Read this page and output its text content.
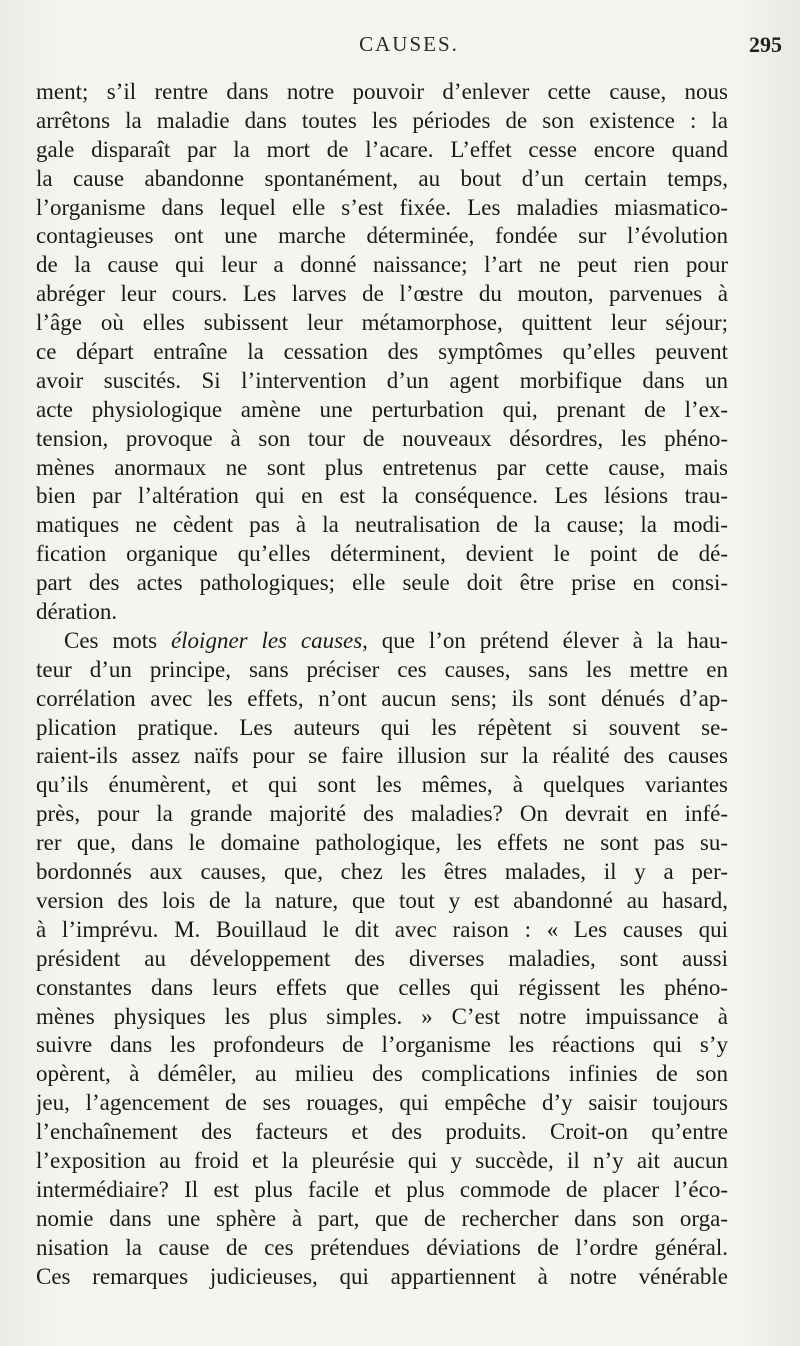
CAUSES.	295
ment; s’il rentre dans notre pouvoir d’enlever cette cause, nous
arrêtons la maladie dans toutes les périodes de son existence : la
gale disparaît par la mort de l’acare. L’effet cesse encore quand
la cause abandonne spontanément, au bout d’un certain temps,
l’organisme dans lequel elle s’est fixée. Les maladies miasmatico-
contagieuses ont une marche déterminée, fondée sur l’évolution
de la cause qui leur a donné naissance; l’art ne peut rien pour
abréger leur cours. Les larves de l’œstre du mouton, parvenues à
l’âge où elles subissent leur métamorphose, quittent leur séjour;
ce départ entraîne la cessation des symptômes qu’elles peuvent
avoir suscités. Si l’intervention d’un agent morbifique dans un
acte physiologique amène une perturbation qui, prenant de l’ex-
tension, provoque à son tour de nouveaux désordres, les phéno-
mènes anormaux ne sont plus entretenus par cette cause, mais
bien par l’altération qui en est la conséquence. Les lésions trau-
matiques ne cèdent pas à la neutralisation de la cause; la modi-
fication organique qu’elles déterminent, devient le point de dé-
part des actes pathologiques; elle seule doit être prise en consi-
dération.
Ces mots éloigner les causes, que l’on prétend élever à la hau-
teur d’un principe, sans préciser ces causes, sans les mettre en
corrélation avec les effets, n’ont aucun sens; ils sont dénués d’ap-
plication pratique. Les auteurs qui les répètent si souvent se-
raient-ils assez naïfs pour se faire illusion sur la réalité des causes
qu’ils énumèrent, et qui sont les mêmes, à quelques variantes
près, pour la grande majorité des maladies? On devrait en infé-
rer que, dans le domaine pathologique, les effets ne sont pas su-
bordonnés aux causes, que, chez les êtres malades, il y a per-
version des lois de la nature, que tout y est abandonné au hasard,
à l’imprévu. M. Bouillaud le dit avec raison : « Les causes qui
président au développement des diverses maladies, sont aussi
constantes dans leurs effets que celles qui régissent les phéno-
mènes physiques les plus simples. » C’est notre impuissance à
suivre dans les profondeurs de l’organisme les réactions qui s’y
opèrent, à démêler, au milieu des complications infinies de son
jeu, l’agencement de ses rouages, qui empêche d’y saisir toujours
l’enchaînement des facteurs et des produits. Croit-on qu’entre
l’exposition au froid et la pleurésie qui y succède, il n’y ait aucun
intermédiaire? Il est plus facile et plus commode de placer l’éco-
nomie dans une sphère à part, que de rechercher dans son orga-
nisation la cause de ces prétendues déviations de l’ordre général.
Ces remarques judicieuses, qui appartiennent à notre vénérable
